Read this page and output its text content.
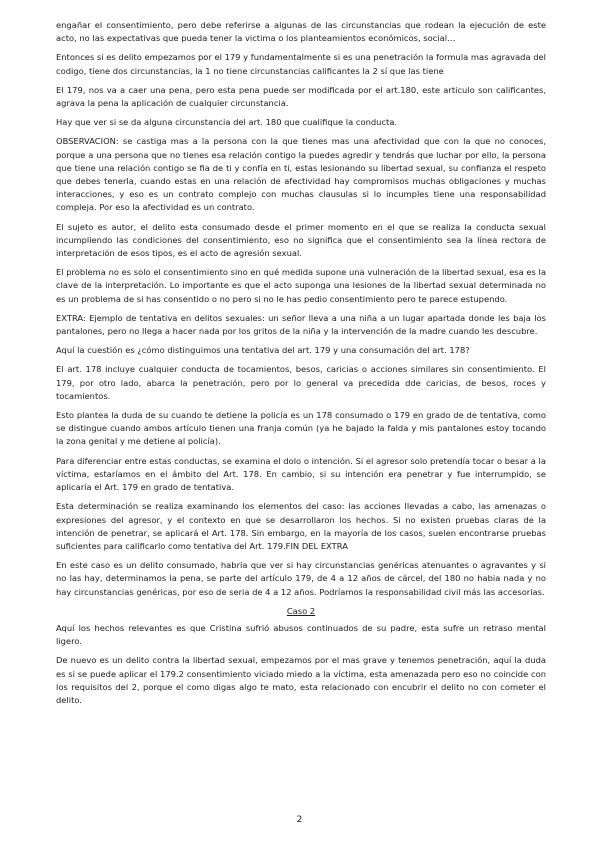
engañar el consentimiento, pero debe referirse a algunas de las circunstancias que rodean la ejecución de este acto, no las expectativas que pueda tener la victima o los planteamientos económicos, social…

Entonces si es delito empezamos por el 179 y fundamentalmente si es una penetración la formula mas agravada del codigo, tiene dos circunstancias, la 1 no tiene circunstancias calificantes la 2 sí que las tiene

El 179, nos va a caer una pena, pero esta pena puede ser modificada por el art.180, este articulo son calificantes, agrava la pena la aplicación de cualquier circunstancia.

Hay que ver si se da alguna circunstancia del art. 180 que cualifique la conducta.

OBSERVACION: se castiga mas a la persona con la que tienes mas una afectividad que con la que no conoces, porque a una persona que no tienes esa relación contigo la puedes agredir y tendrás que luchar por ello, la persona que tiene una relación contigo se fia de ti y confía en ti, estas lesionando su libertad sexual, su confianza el respeto que debes tenerla, cuando estas en una relación de afectividad hay compromisos muchas obligaciones y muchas interacciones, y eso es un contrato complejo con muchas clausulas si lo incumples tiene una responsabilidad compleja. Por eso la afectividad es un contrato.

El sujeto es autor, el delito esta consumado desde el primer momento en el que se realiza la conducta sexual incumpliendo las condiciones del consentimiento, eso no significa que el consentimiento sea la línea rectora de interpretación de esos tipos, es el acto de agresión sexual.

El problema no es solo el consentimiento sino en qué medida supone una vulneración de la libertad sexual, esa es la clave de la interpretación. Lo importante es que el acto suponga una lesiones de la libertad sexual determinada no es un problema de si has consentido o no pero si no le has pedio consentimiento pero te parece estupendo.

EXTRA: Ejemplo de tentativa en delitos sexuales: un señor lleva a una niña a un lugar apartada donde les baja los pantalones, pero no llega a hacer nada por los gritos de la niña y la intervención de la madre cuando les descubre.

Aquí la cuestión es ¿cómo distinguimos una tentativa del art. 179 y una consumación del art. 178?

El art. 178 incluye cualquier conducta de tocamientos, besos, caricias o acciones similares sin consentimiento. El 179, por otro lado, abarca la penetración, pero por lo general va precedida dde caricias, de besos, roces y tocamientos.

Esto plantea la duda de su cuando te detiene la policía es un 178 consumado o 179 en grado de de tentativa, como se distingue cuando ambos artículo tienen una franja común (ya he bajado la falda y mis pantalones estoy tocando la zona genital y me detiene al policía).

Para diferenciar entre estas conductas, se examina el dolo o intención. Si el agresor solo pretendía tocar o besar a la víctima, estaríamos en el ámbito del Art. 178. En cambio, si su intención era penetrar y fue interrumpido, se aplicaría el Art. 179 en grado de tentativa.

Esta determinación se realiza examinando los elementos del caso: las acciones llevadas a cabo, las amenazas o expresiones del agresor, y el contexto en que se desarrollaron los hechos. Si no existen pruebas claras de la intención de penetrar, se aplicará el Art. 178. Sin embargo, en la mayoría de los casos, suelen encontrarse pruebas suficientes para calificarlo como tentativa del Art. 179.FIN DEL EXTRA

En este caso es un delito consumado, habría que ver si hay circunstancias genéricas atenuantes o agravantes y si no las hay, determinamos la pena, se parte del artículo 179, de 4 a 12 años de cárcel, del 180 no habia nada y no hay circunstancias genéricas, por eso de seria de 4 a 12 años. Podríamos la responsabilidad civil más las accesorias.

Caso 2

Aquí los hechos relevantes es que Cristina sufrió abusos continuados de su padre, esta sufre un retraso mental ligero.

De nuevo es un delito contra la libertad sexual, empezamos por el mas grave y tenemos penetración, aquí la duda es si se puede aplicar el 179.2 consentimiento viciado miedo a la víctima, esta amenazada pero eso no coincide con los requisitos del 2, porque el como digas algo te mato, esta relacionado con encubrir el delito no con cometer el delito.

2
